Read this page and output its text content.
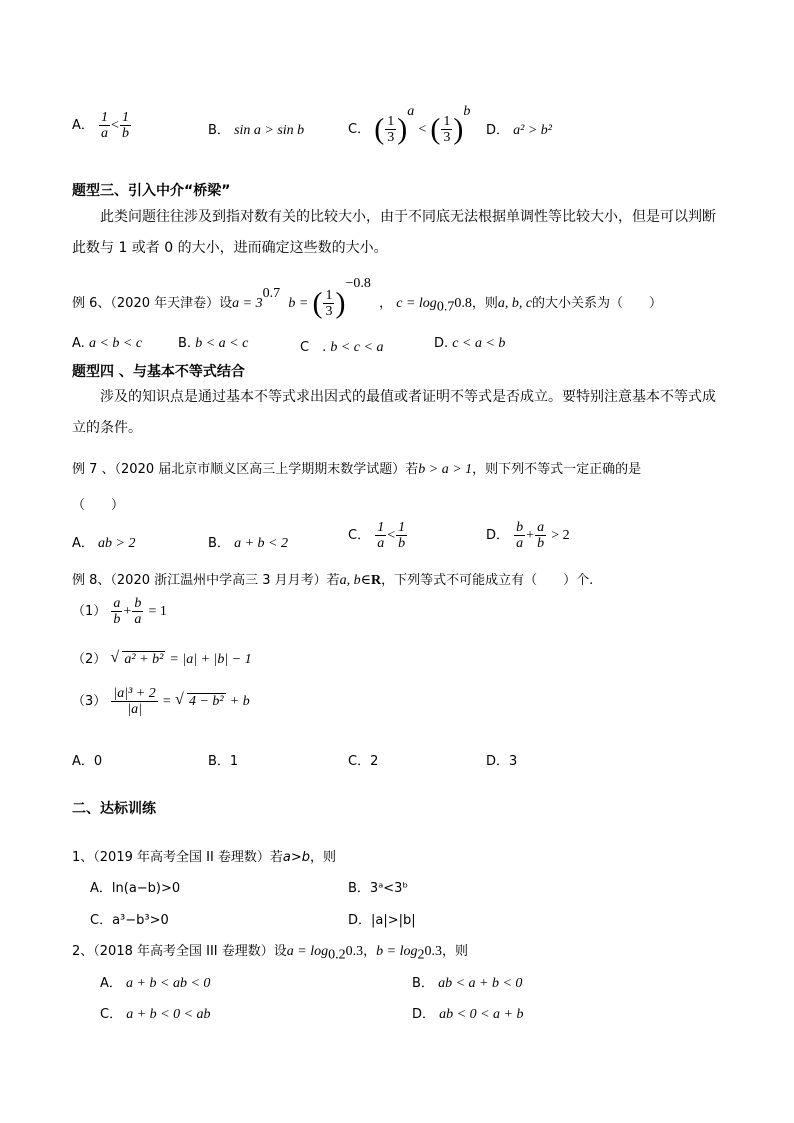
A． $\frac{1}{a} < \frac{1}{b}$	B． sin a > sin b	C． ( $\frac{1}{3} )^a$ < ( $\frac{1}{3} )^b$
D． a² > b²
题型三、引入中介“桥梁”
此类问题往往涉及到指对数有关的比较大小，由于不同底无法根据单调性等比较大小，但是可以判断
此数与 1 或者 0 的大小，进而确定这些数的大小。
例 6、（2020 年天津卷）设$a = 3^{0.7}$  b = ( $\frac{1}{3} )^{-0.8}$  ， $c = \log_{0.7}0.8$，则a, b, c的大小关系为（　　）
A. a < b < c	B. b < a < c	C　. b < c < a	D. c < a < b
题型四 、与基本不等式结合
涉及的知识点是通过基本不等式求出因式的最值或者证明不等式是否成立。要特别注意基本不等式成
立的条件。
例 7 、（2020 届北京市顺义区高三上学期期末数学试题）若b > a > 1，则下列不等式一定正确的是
（　　）
A． ab > 2	B． a + b < 2
C． $\frac{1}{a} < \frac{1}{b}$	D． $\frac{b}{a} + \frac{a}{b} > 2$
例 8、（2020 浙江温州中学高三 3 月月考）若a, b∈R，下列等式不可能成立有（　　）个.
$(1) \frac{a}{b} + \frac{b}{a} = 1$
（2） √ a² + b² = |a| + |b| − 1
$(3) \frac{\text{|a|³ + 2}}{|a|}$ = √ 4 − b² + b
A．0	B．1	C．2	D．3
二、达标训练
1、（2019 年高考全国 II 卷理数）若a>b，则
A．ln(a−b)>0	B．3ᵃ<3ᵇ
C．a³−b³>0	D．|a|>|b|
2、（2018 年高考全国 III 卷理数）设$a = \log_{0.2}0.3$，$b = \log_20.3$，则
A． a + b < ab < 0	B． ab < a + b < 0
C． a + b < 0 < ab	D． ab < 0 < a + b
